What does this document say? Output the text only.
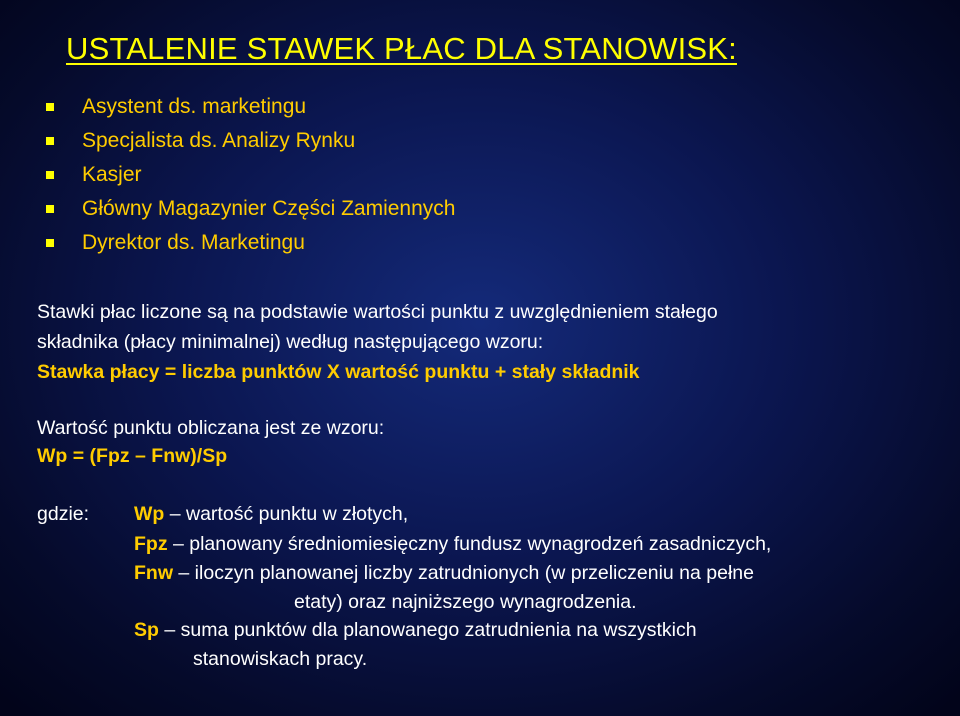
USTALENIE STAWEK PŁAC DLA STANOWISK:
Asystent ds. marketingu
Specjalista ds. Analizy Rynku
Kasjer
Główny Magazynier Części Zamiennych
Dyrektor ds. Marketingu
Stawki płac liczone są na podstawie wartości punktu z uwzględnieniem stałego
składnika (płacy minimalnej) według następującego wzoru:
Stawka płacy = liczba punktów X wartość punktu + stały składnik
Wartość punktu obliczana jest ze wzoru:
Wp = (Fpz – Fnw)/Sp
gdzie: Wp – wartość punktu w złotych,
Fpz – planowany średniomiesięczny fundusz wynagrodzeń zasadniczych,
Fnw – iloczyn planowanej liczby zatrudnionych (w przeliczeniu na pełne
etaty) oraz najniższego wynagrodzenia.
Sp – suma punktów dla planowanego zatrudnienia na wszystkich
stanowiskach pracy.
